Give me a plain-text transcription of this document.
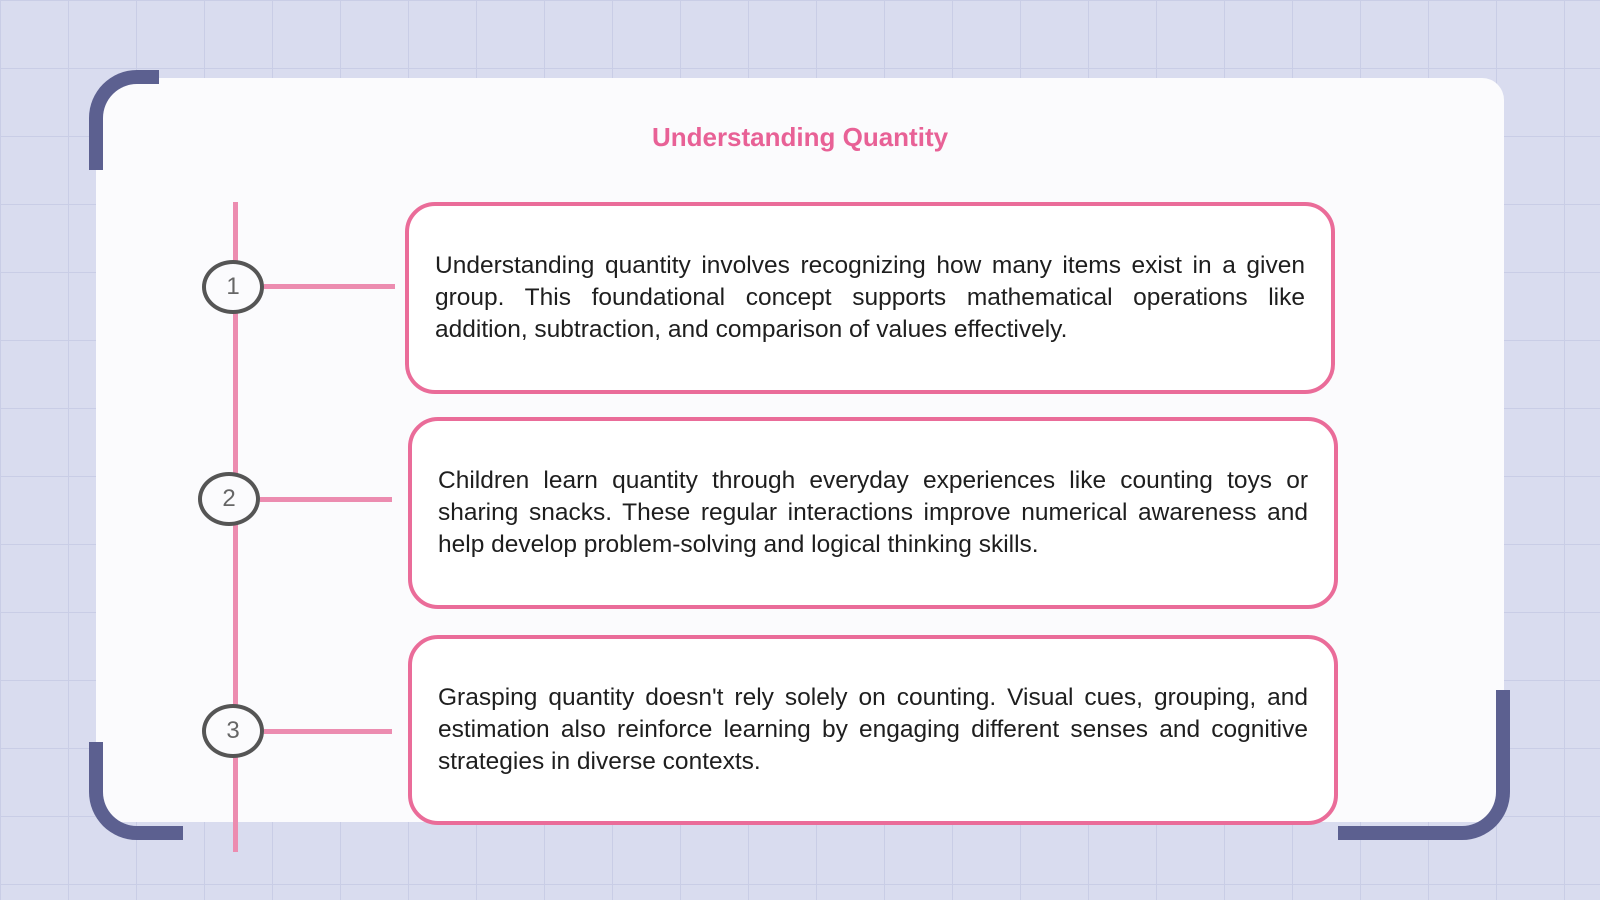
Understanding Quantity
1

Understanding quantity involves recognizing how many items exist in a given group. This foundational concept supports mathematical operations like addition, subtraction, and comparison of values effectively.

2

Children learn quantity through everyday experiences like counting toys or sharing snacks. These regular interactions improve numerical awareness and help develop problem-solving and logical thinking skills.

3

Grasping quantity doesn't rely solely on counting. Visual cues, grouping, and estimation also reinforce learning by engaging different senses and cognitive strategies in diverse contexts.
